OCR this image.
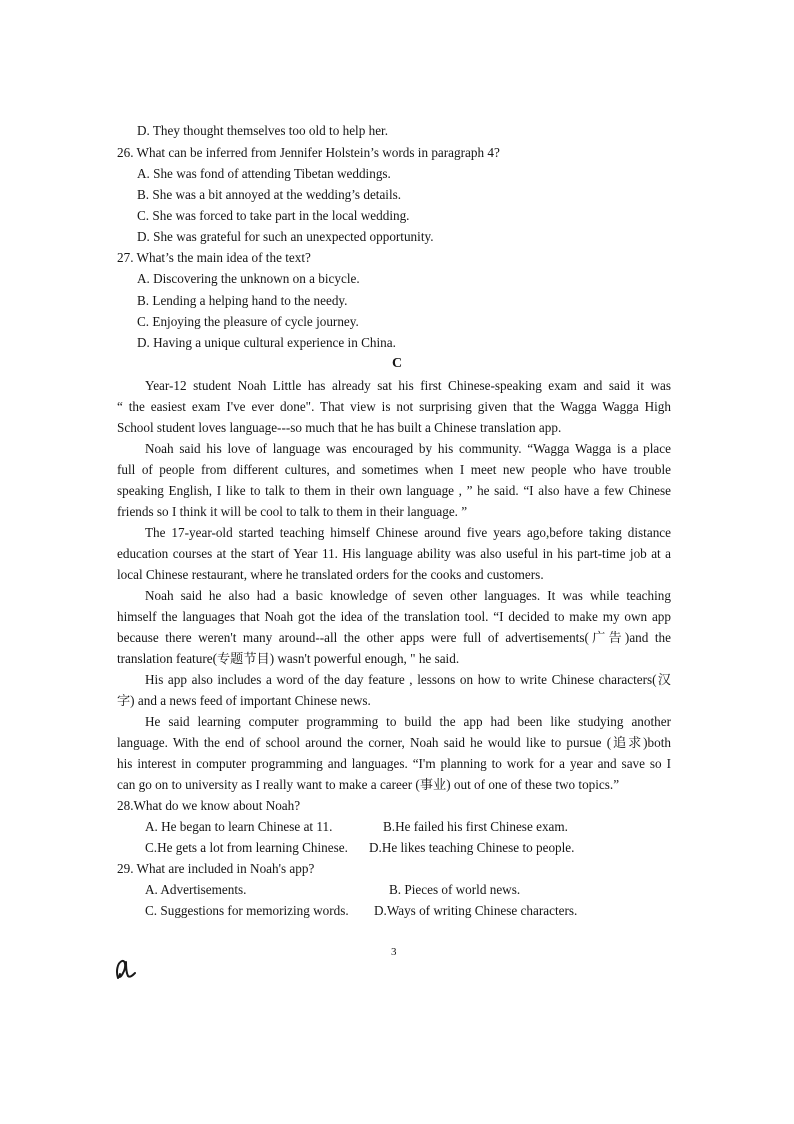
D. They thought themselves too old to help her.
26. What can be inferred from Jennifer Holstein’s words in paragraph 4?
A. She was fond of attending Tibetan weddings.
B. She was a bit annoyed at the wedding’s details.
C. She was forced to take part in the local wedding.
D. She was grateful for such an unexpected opportunity.
27. What’s the main idea of the text?
A. Discovering the unknown on a bicycle.
B. Lending a helping hand to the needy.
C. Enjoying the pleasure of cycle journey.
D. Having a unique cultural experience in China.
C
Year-12 student Noah Little has already sat his first Chinese-speaking exam and said it was
“ the easiest exam I've ever done". That view is not surprising given that the Wagga Wagga High
School student loves language---so much that he has built a Chinese translation app.
Noah said his love of language was encouraged by his community. “Wagga Wagga is a place
full of people from different cultures, and sometimes when I meet new people who have trouble
speaking English, I like to talk to them in their own language , ” he said. “I also have a few Chinese
friends so I think it will be cool to talk to them in their language. ”
The 17-year-old started teaching himself Chinese around five years ago,before taking distance
education courses at the start of Year 11. His language ability was also useful in his part-time job at a
local Chinese restaurant, where he translated orders for the cooks and customers.
Noah said he also had a basic knowledge of seven other languages. It was while teaching
himself the languages that Noah got the idea of the translation tool. “I decided to make my own app
because there weren't many around--all the other apps were full of advertisements(广告)and the
translation feature(专题节目) wasn't powerful enough, " he said.
His app also includes a word of the day feature , lessons on how to write Chinese characters(汉
字) and a news feed of important Chinese news.
He said learning computer programming to build the app had been like studying another
language. With the end of school around the corner, Noah said he would like to pursue (追求)both
his interest in computer programming and languages. “I'm planning to work for a year and save so I
can go on to university as I really want to make a career (事业) out of one of these two topics.”
28.What do we know about Noah?
A. He began to learn Chinese at 11.	B.He failed his first Chinese exam.
C.He gets a lot from learning Chinese. D.He likes teaching Chinese to people.
29. What are included in Noah's app?
A. Advertisements.	B. Pieces of world news.
C. Suggestions for memorizing words. D.Ways of writing Chinese characters.
3
